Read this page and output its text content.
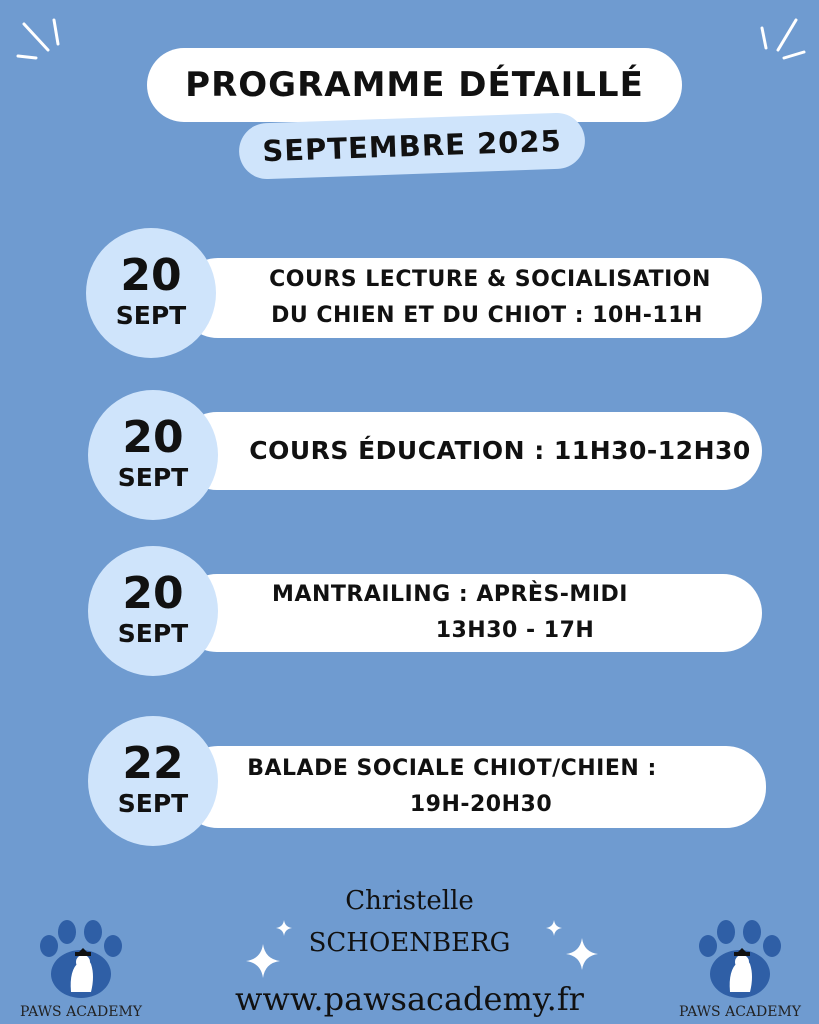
PROGRAMME DÉTAILLÉ
SEPTEMBRE 2025
COURS LECTURE & SOCIALISATION
DU CHIEN ET DU CHIOT : 10H-11H
20
SEPT
COURS ÉDUCATION : 11H30-12H30
20
SEPT
MANTRAILING : APRÈS-MIDI
13H30 - 17H
20
SEPT
BALADE SOCIALE CHIOT/CHIEN :
19H-20H30
22
SEPT
Christelle
SCHOENBERG
www.pawsacademy.fr
PAWS ACADEMY	PAWS ACADEMY
